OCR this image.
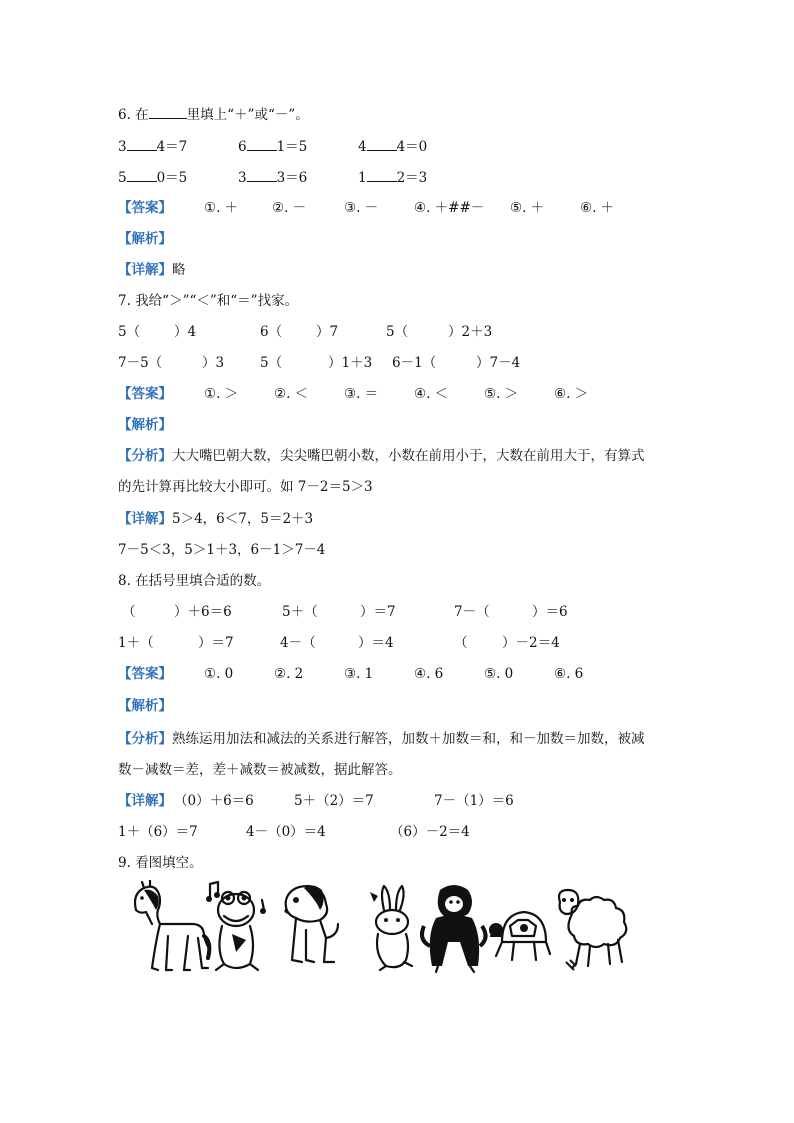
6. 在	里填上“＋”或“－”。
3 4＝7	6 1＝5	4 4＝0
5 0＝5	3 3＝6	1 2＝3
【答案】 ①. ＋	②. －	③. －	④. ＋##－ ⑤. ＋	⑥. ＋
【解析】
【详解】略
7. 我给“＞”“＜”和“＝”找家。
5（	）4	6（	）7	5（	）2＋3
7－5（	）3	5（	）1＋3 6－1（	）7－4
【答案】 ①. ＞	②. ＜	③. ＝	④. ＜	⑤. ＞	⑥. ＞
【解析】
【分析】大大嘴巴朝大数，尖尖嘴巴朝小数，小数在前用小于，大数在前用大于，有算式
的先计算再比较大小即可。如 7－2＝5＞3
【详解】5＞4，6＜7，5＝2＋3
7－5＜3，5＞1＋3，6－1＞7－4
8. 在括号里填合适的数。
（	）＋6＝6	5＋（	）＝7	7－（	）＝6
1＋（	）＝7	4－（	）＝4	（	）－2＝4
【答案】 ①. 0	②. 2	③. 1	④. 6	⑤. 0	⑥. 6
【解析】
【分析】熟练运用加法和减法的关系进行解答，加数＋加数＝和，和－加数＝加数，被减
数－减数＝差，差＋减数＝被减数，据此解答。
【详解】 （0）＋6＝6	5＋（2）＝7	7－（1）＝6
1＋（6）＝7	4－（0）＝4	（6）－2＝4
9. 看图填空。
